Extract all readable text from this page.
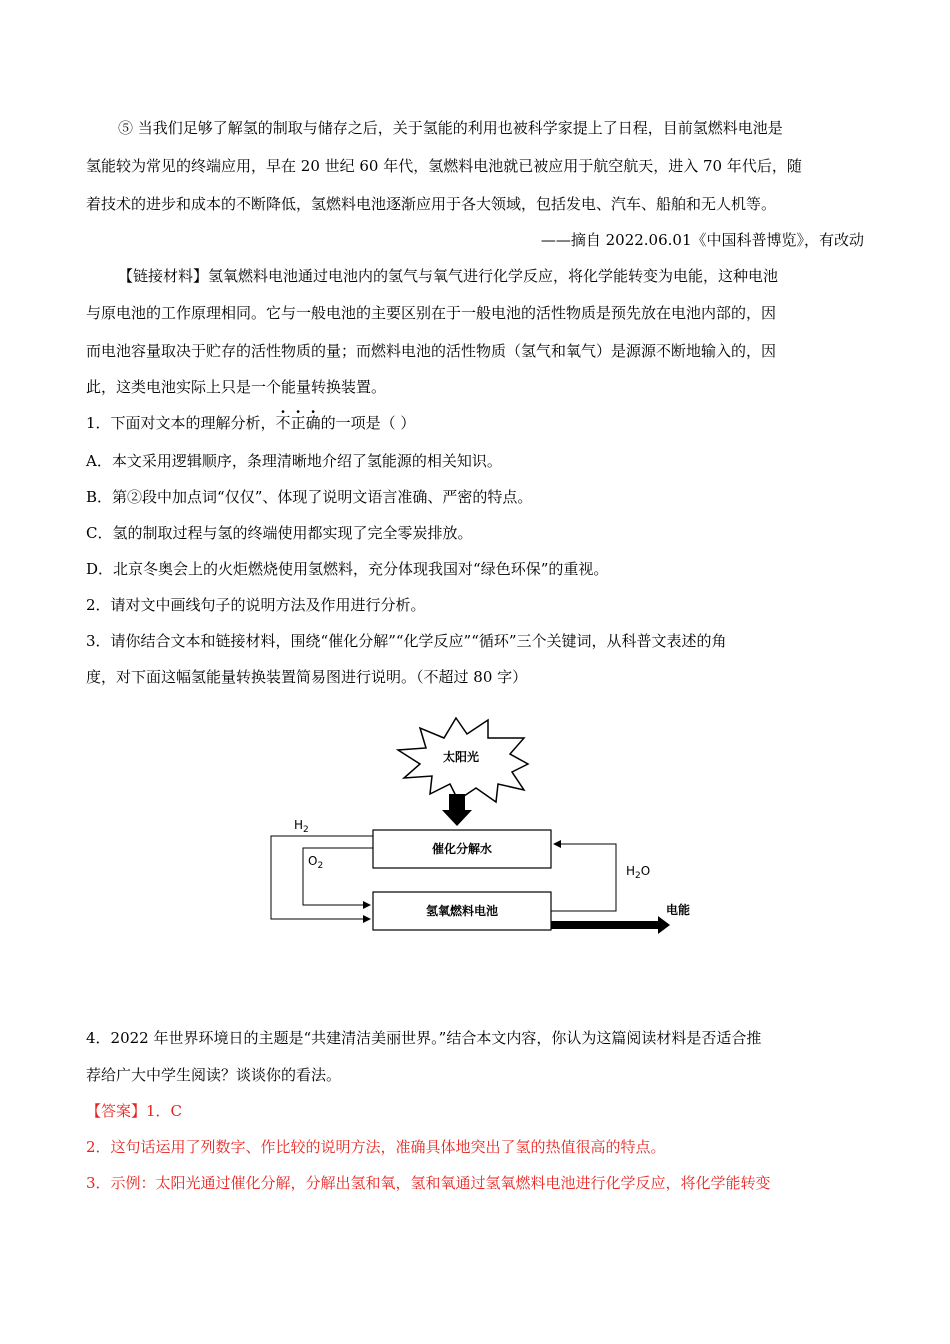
⑤ 当我们足够了解氢的制取与储存之后，关于氢能的利用也被科学家提上了日程，目前氢燃料电池是
氢能较为常见的终端应用，早在 20 世纪 60 年代，氢燃料电池就已被应用于航空航天，进入 70 年代后，随
着技术的进步和成本的不断降低，氢燃料电池逐渐应用于各大领域，包括发电、汽车、船舶和无人机等。
——摘自 2022.06.01《中国科普博览》，有改动
【链接材料】氢氧燃料电池通过电池内的氢气与氧气进行化学反应，将化学能转变为电能，这种电池
与原电池的工作原理相同。它与一般电池的主要区别在于一般电池的活性物质是预先放在电池内部的，因
而电池容量取决于贮存的活性物质的量；而燃料电池的活性物质（氢气和氧气）是源源不断地输入的，因
此，这类电池实际上只是一个能量转换装置。
1．下面对文本的理解分析，不正确的一项是（ ）
A．本文采用逻辑顺序，条理清晰地介绍了氢能源的相关知识。
B．第②段中加点词“仅仅”、体现了说明文语言准确、严密的特点。
C．氢的制取过程与氢的终端使用都实现了完全零炭排放。
D．北京冬奥会上的火炬燃烧使用氢燃料，充分体现我国对“绿色环保”的重视。
2．请对文中画线句子的说明方法及作用进行分析。
3．请你结合文本和链接材料，围绕“催化分解”“化学反应”“循环”三个关键词，从科普文表述的角
度，对下面这幅氢能量转换装置简易图进行说明。（不超过 80 字）
太阳光
催化分解水
氢氧燃料电池
$H_2$
$O_2$	$H_2O$
电能
4．2022 年世界环境日的主题是“共建清洁美丽世界。”结合本文内容，你认为这篇阅读材料是否适合推
荐给广大中学生阅读？谈谈你的看法。
【答案】1．C
2．这句话运用了列数字、作比较的说明方法，准确具体地突出了氢的热值很高的特点。
3．示例：太阳光通过催化分解，分解出氢和氧，氢和氧通过氢氧燃料电池进行化学反应，将化学能转变
